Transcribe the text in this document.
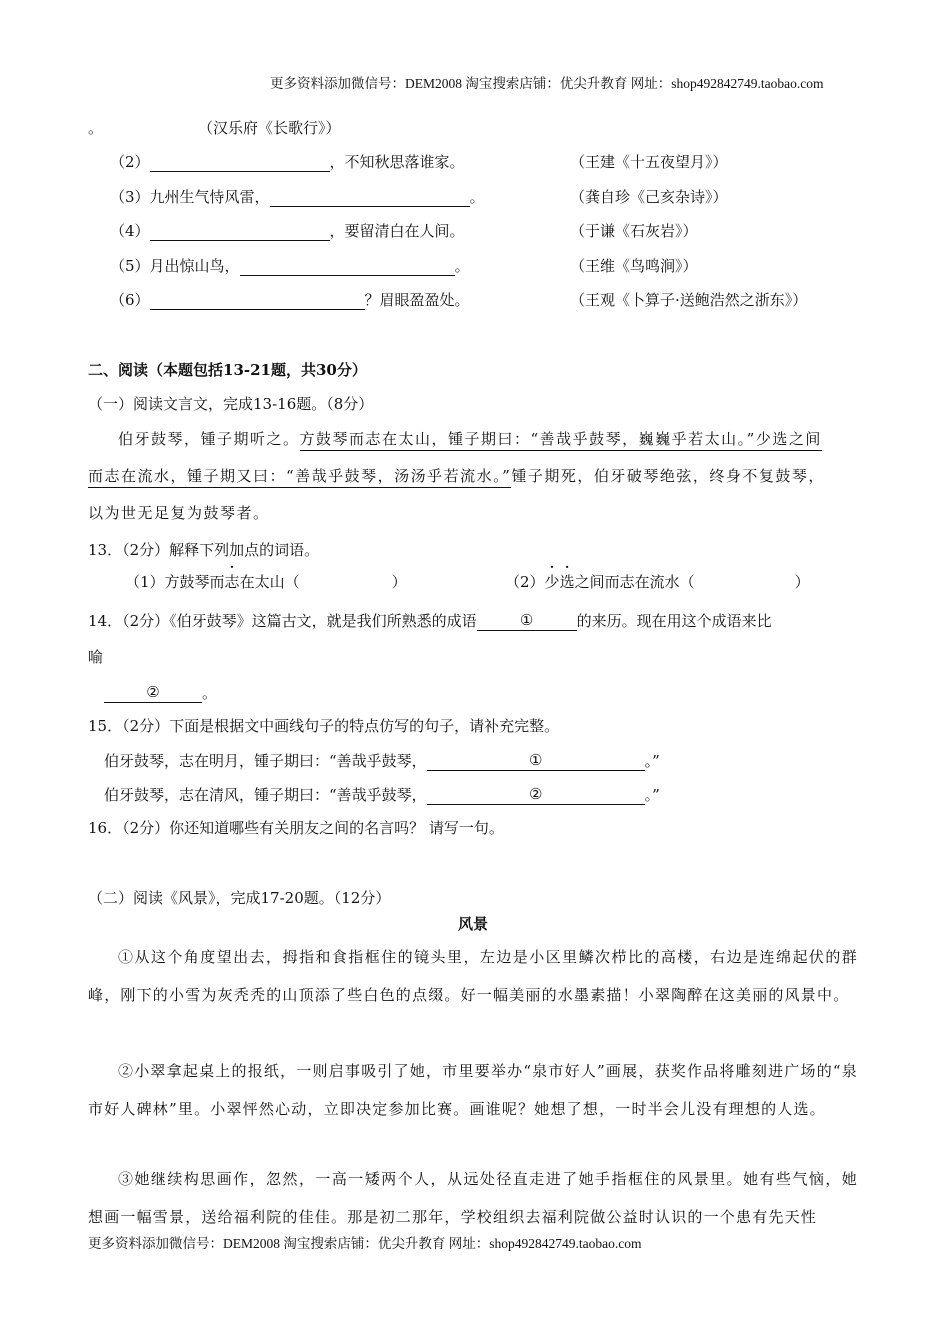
更多资料添加微信号：DEM2008 淘宝搜索店铺：优尖升教育 网址：shop492842749.taobao.com
。	（汉乐府《长歌行》）
（2）	，不知秋思落谁家。	（王建《十五夜望月》）
（3）九州生气恃风雷，	。	（龚自珍《己亥杂诗》）
（4）	，要留清白在人间。	（于谦《石灰岩》）
（5）月出惊山鸟，	。	（王维《鸟鸣涧》）
（6）	？眉眼盈盈处。	（王观《卜算子·送鲍浩然之浙东》）
二、阅读（本题包括13-21题，共30分）
（一）阅读文言文，完成13-16题。（8分）
伯牙鼓琴，锺子期听之。方鼓琴而志在太山，锺子期曰：“善哉乎鼓琴，巍巍乎若太山。”少选之间
而志在流水，锺子期又曰：“善哉乎鼓琴，汤汤乎若流水。”锺子期死，伯牙破琴绝弦，终身不复鼓琴，
以为世无足复为鼓琴者。
13．（2分）解释下列加点的词语。
（1）方鼓琴而志在太山（	）	（2）少选之间而志在流水（	）
14．（2分）《伯牙鼓琴》这篇古文，就是我们所熟悉的成语	①	的来历。现在用这个成语来比
喻
②	。
15．（2分）下面是根据文中画线句子的特点仿写的句子，请补充完整。
伯牙鼓琴，志在明月，锺子期曰：“善哉乎鼓琴，	①	。”
伯牙鼓琴，志在清风，锺子期曰：“善哉乎鼓琴，	②	。”
16．（2分）你还知道哪些有关朋友之间的名言吗？ 请写一句。
（二）阅读《风景》，完成17-20题。（12分）
风景
①从这个角度望出去，拇指和食指框住的镜头里，左边是小区里鳞次栉比的高楼，右边是连绵起伏的群峰，刚下的小雪为灰秃秃的山顶添了些白色的点缀。好一幅美丽的水墨素描！小翠陶醉在这美丽的风景中。
②小翠拿起桌上的报纸，一则启事吸引了她，市里要举办“泉市好人”画展，获奖作品将雕刻进广场的“泉市好人碑林”里。小翠怦然心动，立即决定参加比赛。画谁呢？她想了想，一时半会儿没有理想的人选。
③她继续构思画作，忽然，一高一矮两个人，从远处径直走进了她手指框住的风景里。她有些气恼，她想画一幅雪景，送给福利院的佳佳。那是初二那年，学校组织去福利院做公益时认识的一个患有先天性
更多资料添加微信号：DEM2008 淘宝搜索店铺：优尖升教育 网址：shop492842749.taobao.com
